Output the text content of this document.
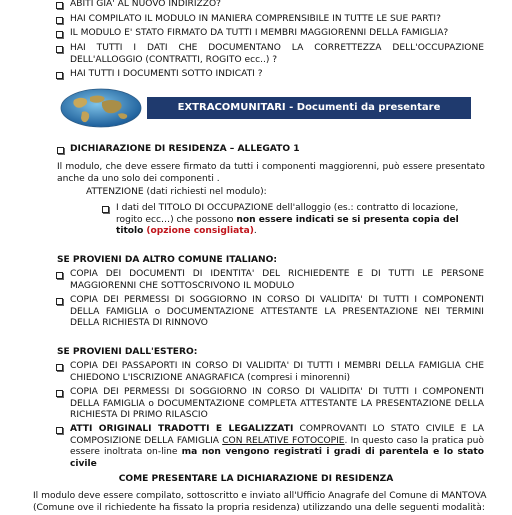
ABITI GIA' AL NUOVO INDIRIZZO?
HAI COMPILATO IL MODULO IN MANIERA COMPRENSIBILE IN TUTTE LE SUE PARTI?
IL MODULO E' STATO FIRMATO DA TUTTI I MEMBRI MAGGIORENNI DELLA FAMIGLIA?
HAI TUTTI I DATI CHE DOCUMENTANO LA CORRETTEZZA DELL'OCCUPAZIONE DELL'ALLOGGIO (CONTRATTI, ROGITO ecc..) ?
HAI TUTTI I DOCUMENTI SOTTO INDICATI ?
EXTRACOMUNITARI - Documenti da presentare
DICHIARAZIONE DI RESIDENZA – ALLEGATO 1
Il modulo, che deve essere firmato da tutti i componenti maggiorenni, può essere presentato anche da uno solo dei componenti .
ATTENZIONE (dati richiesti nel modulo):
I dati del TITOLO DI OCCUPAZIONE dell'alloggio (es.: contratto di locazione, rogito ecc…) che possono non essere indicati se si presenta copia del titolo (opzione consigliata).
SE PROVIENI DA ALTRO COMUNE ITALIANO:
COPIA DEI DOCUMENTI DI IDENTITA' DEL RICHIEDENTE E DI TUTTI LE PERSONE MAGGIORENNI CHE SOTTOSCRIVONO IL MODULO
COPIA DEI PERMESSI DI SOGGIORNO IN CORSO DI VALIDITA' DI TUTTI I COMPONENTI DELLA FAMIGLIA o DOCUMENTAZIONE ATTESTANTE LA PRESENTAZIONE NEI TERMINI DELLA RICHIESTA DI RINNOVO
SE PROVIENI DALL'ESTERO:
COPIA DEI PASSAPORTI IN CORSO DI VALIDITA' DI TUTTI I MEMBRI DELLA FAMIGLIA CHE CHIEDONO L'ISCRIZIONE ANAGRAFICA (compresi i minorenni)
COPIA DEI PERMESSI DI SOGGIORNO IN CORSO DI VALIDITA' DI TUTTI I COMPONENTI DELLA FAMIGLIA o DOCUMENTAZIONE COMPLETA ATTESTANTE LA PRESENTAZIONE DELLA RICHIESTA DI PRIMO RILASCIO
ATTI ORIGINALI TRADOTTI E LEGALIZZATI COMPROVANTI LO STATO CIVILE E LA COMPOSIZIONE DELLA FAMIGLIA CON RELATIVE FOTOCOPIE. In questo caso la pratica può essere inoltrata on-line ma non vengono registrati i gradi di parentela e lo stato civile
COME PRESENTARE LA DICHIARAZIONE DI RESIDENZA
Il modulo deve essere compilato, sottoscritto e inviato all'Ufficio Anagrafe del Comune di MANTOVA
(Comune ove il richiedente ha fissato la propria residenza) utilizzando una delle seguenti modalità:
